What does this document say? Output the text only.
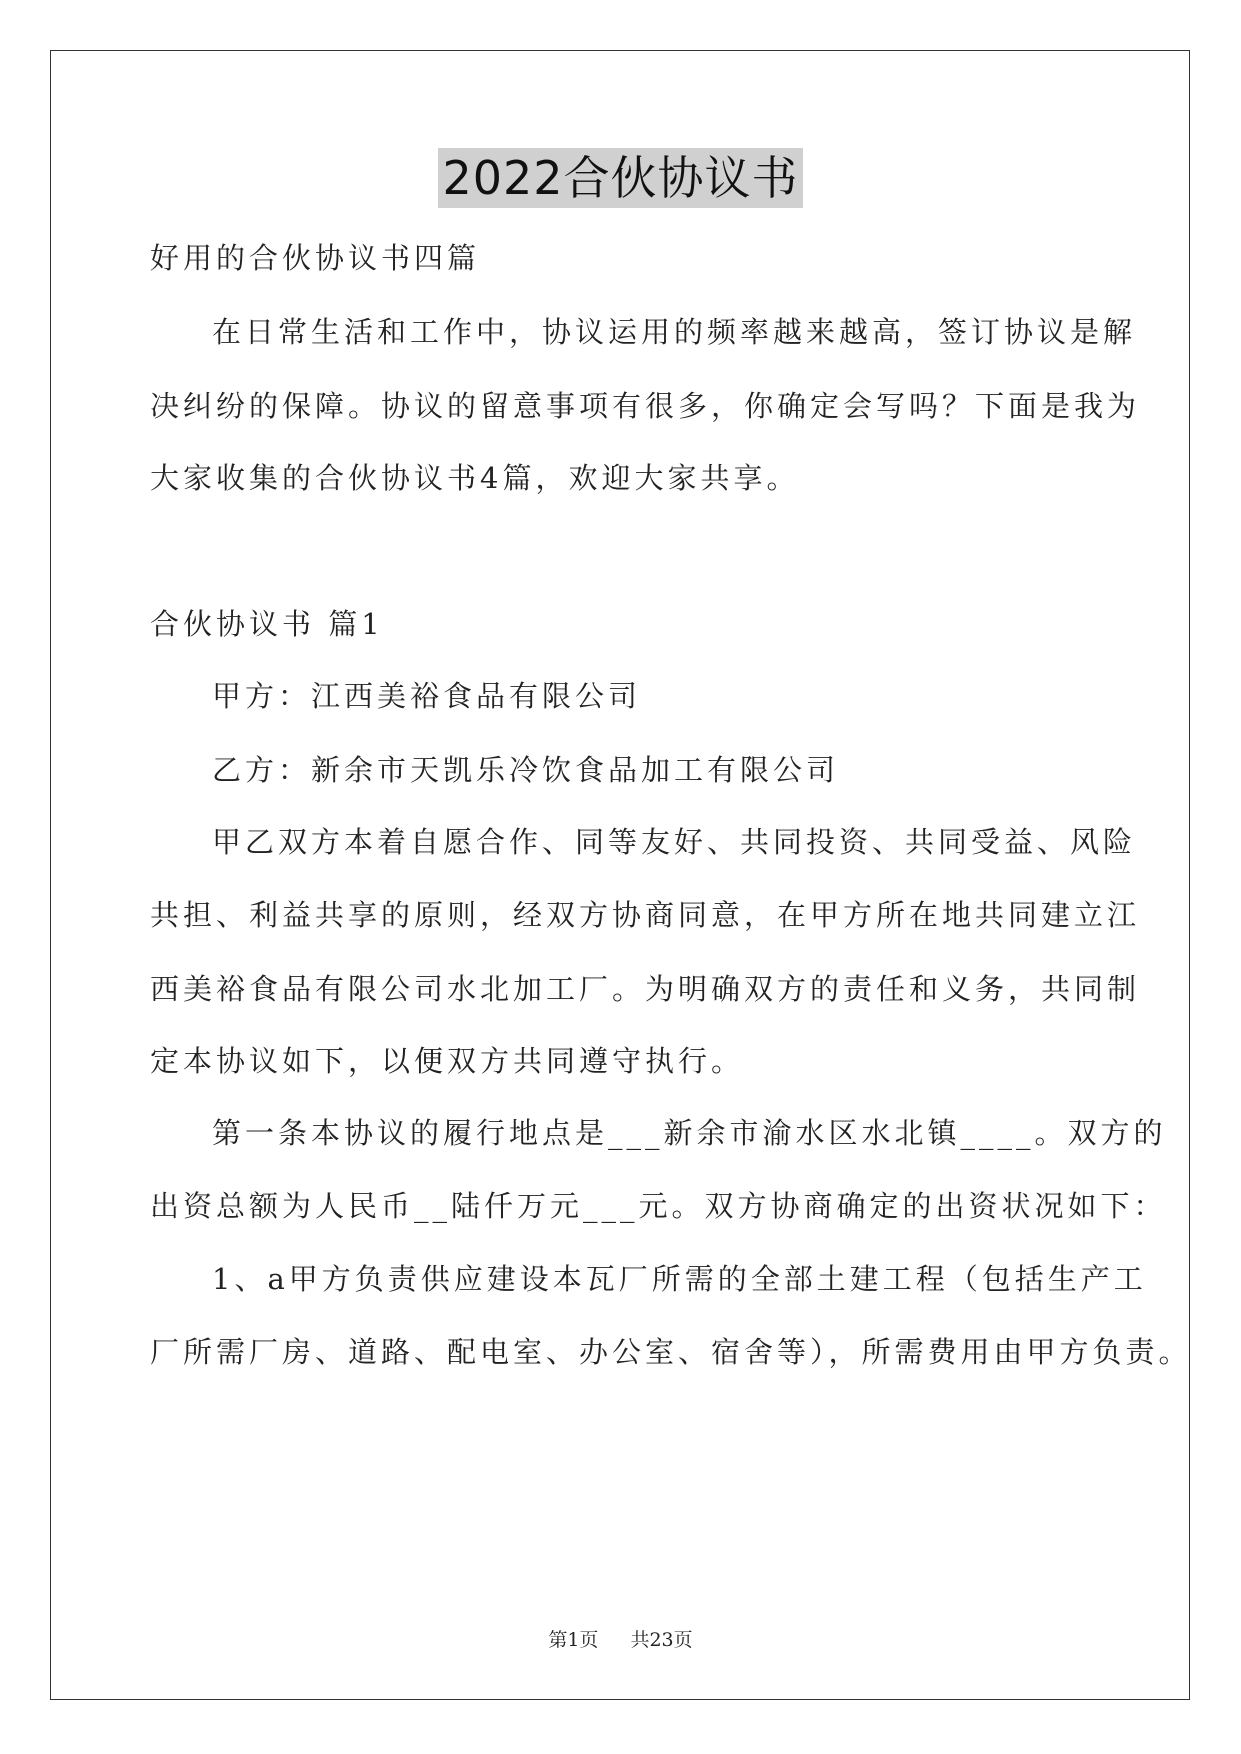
2022合伙协议书
好用的合伙协议书四篇
在日常生活和工作中，协议运用的频率越来越高，签订协议是解
决纠纷的保障。协议的留意事项有很多，你确定会写吗？下面是我为
大家收集的合伙协议书4篇，欢迎大家共享。
合伙协议书 篇1
甲方：江西美裕食品有限公司
乙方：新余市天凯乐冷饮食品加工有限公司
甲乙双方本着自愿合作、同等友好、共同投资、共同受益、风险
共担、利益共享的原则，经双方协商同意，在甲方所在地共同建立江
西美裕食品有限公司水北加工厂。为明确双方的责任和义务，共同制
定本协议如下，以便双方共同遵守执行。
第一条本协议的履行地点是___新余市渝水区水北镇____。双方的
出资总额为人民币__陆仟万元___元。双方协商确定的出资状况如下：
1、a甲方负责供应建设本瓦厂所需的全部土建工程（包括生产工
厂所需厂房、道路、配电室、办公室、宿舍等），所需费用由甲方负责。
第1页 共23页
